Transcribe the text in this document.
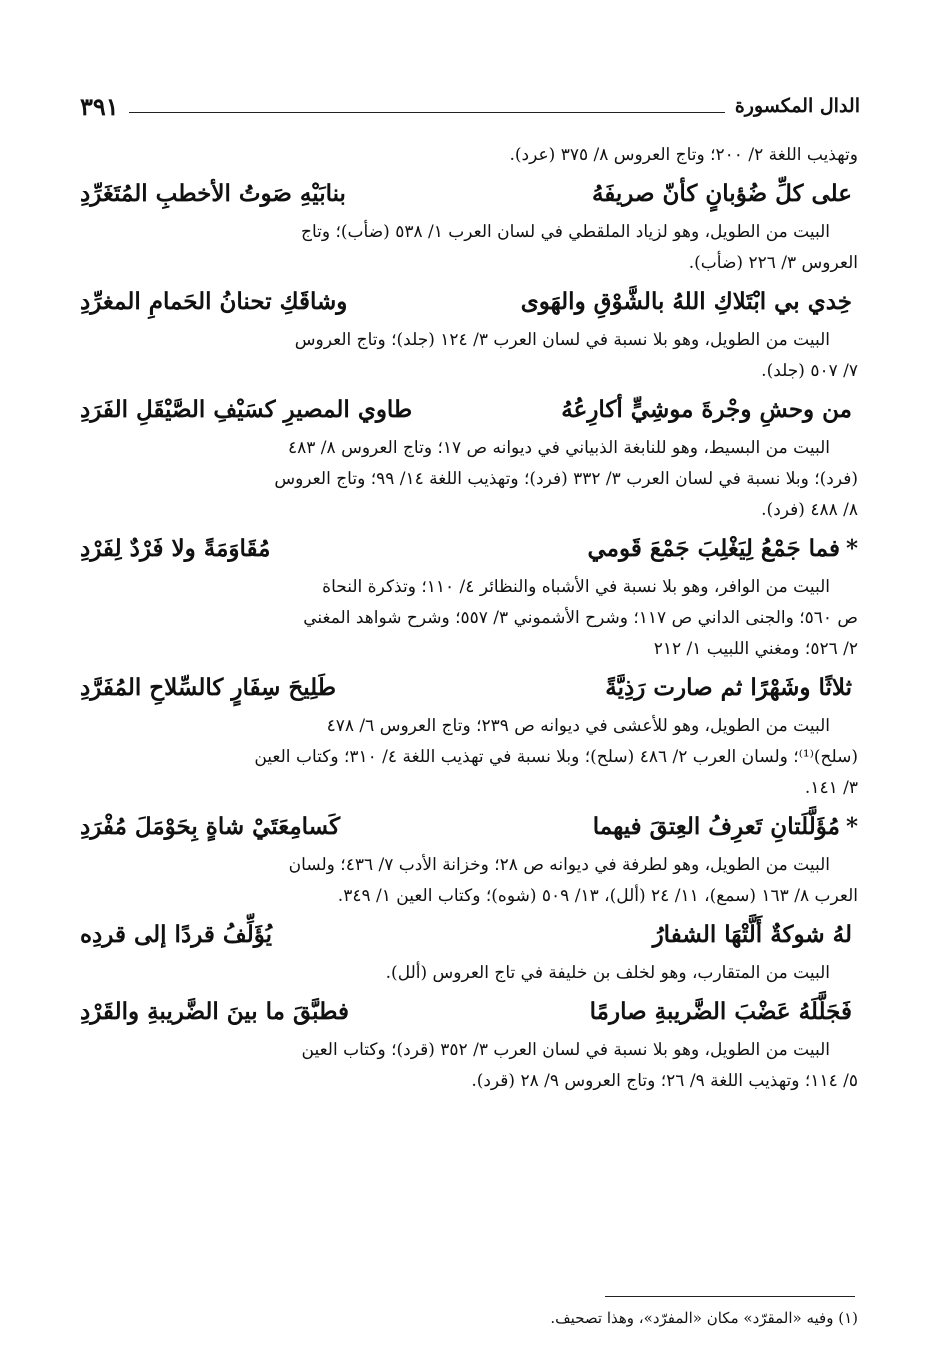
الدال المكسورة
٣٩١

وتهذيب اللغة ٢/ ٢٠٠؛ وتاج العروس ٨/ ٣٧٥ (عرد).

على كلِّ ضُؤبانٍ كأنّ صريفَهُ
بنابَيْهِ صَوتُ الأخطبِ المُتَغَرِّدِ

البيت من الطويل، وهو لزياد الملقطي في لسان العرب ١/ ٥٣٨ (ضأب)؛ وتاج

العروس ٣/ ٢٢٦ (ضأب).

خِدي بي ابْتَلاكِ اللهُ بالشَّوْقِ والهَوى
وشاقَكِ تحنانُ الحَمامِ المغرِّدِ

البيت من الطويل، وهو بلا نسبة في لسان العرب ٣/ ١٢٤ (جلد)؛ وتاج العروس

٧/ ٥٠٧ (جلد).

من وحشِ وجْرةَ موشِيٍّ أكارِعُهُ
طاوي المصيرِ كسَيْفِ الصَّيْقَلِ الفَرَدِ

البيت من البسيط، وهو للنابغة الذبياني في ديوانه ص ١٧؛ وتاج العروس ٨/ ٤٨٣

(فرد)؛ وبلا نسبة في لسان العرب ٣/ ٣٣٢ (فرد)؛ وتهذيب اللغة ١٤/ ٩٩؛ وتاج العروس

٨/ ٤٨٨ (فرد).

*فما جَمْعُ لِيَغْلِبَ جَمْعَ قَومي
مُقَاوَمَةً ولا فَرْدٌ لِفَرْدِ

البيت من الوافر، وهو بلا نسبة في الأشباه والنظائر ٤/ ١١٠؛ وتذكرة النحاة

ص ٥٦٠؛ والجنى الداني ص ١١٧؛ وشرح الأشموني ٣/ ٥٥٧؛ وشرح شواهد المغني

٢/ ٥٢٦؛ ومغني اللبيب ١/ ٢١٢

ثلاثًا وشَهْرًا ثم صارت رَذِيَّةً
طَلِيحَ سِفَارٍ كالسِّلاحِ المُفَرَّدِ

البيت من الطويل، وهو للأعشى في ديوانه ص ٢٣٩؛ وتاج العروس ٦/ ٤٧٨

(سلح)⁽¹⁾؛ ولسان العرب ٢/ ٤٨٦ (سلح)؛ وبلا نسبة في تهذيب اللغة ٤/ ٣١٠؛ وكتاب العين

٣/ ١٤١.

*مُؤَلَّلَتانِ تَعرِفُ العِتقَ فيهما
كَسامِعَتَيْ شاةٍ بِحَوْمَلَ مُفْرَدِ

البيت من الطويل، وهو لطرفة في ديوانه ص ٢٨؛ وخزانة الأدب ٧/ ٤٣٦؛ ولسان

العرب ٨/ ١٦٣ (سمع)، ١١/ ٢٤ (ألل)، ١٣/ ٥٠٩ (شوه)؛ وكتاب العين ١/ ٣٤٩.

لهُ شوكةٌ أَلَّتْهَا الشفارُ
يُؤَلِّفُ قردًا إلى قردِه

البيت من المتقارب، وهو لخلف بن خليفة في تاج العروس (ألل).

فَجَلَّلَهُ عَضْبَ الضَّريبةِ صارمًا
فطبَّقَ ما بينَ الضَّريبةِ والقَرْدِ

البيت من الطويل، وهو بلا نسبة في لسان العرب ٣/ ٣٥٢ (قرد)؛ وكتاب العين

٥/ ١١٤؛ وتهذيب اللغة ٩/ ٢٦؛ وتاج العروس ٩/ ٢٨ (قرد).

(١) وفيه «المقرّد» مكان «المفرّد»، وهذا تصحيف.
